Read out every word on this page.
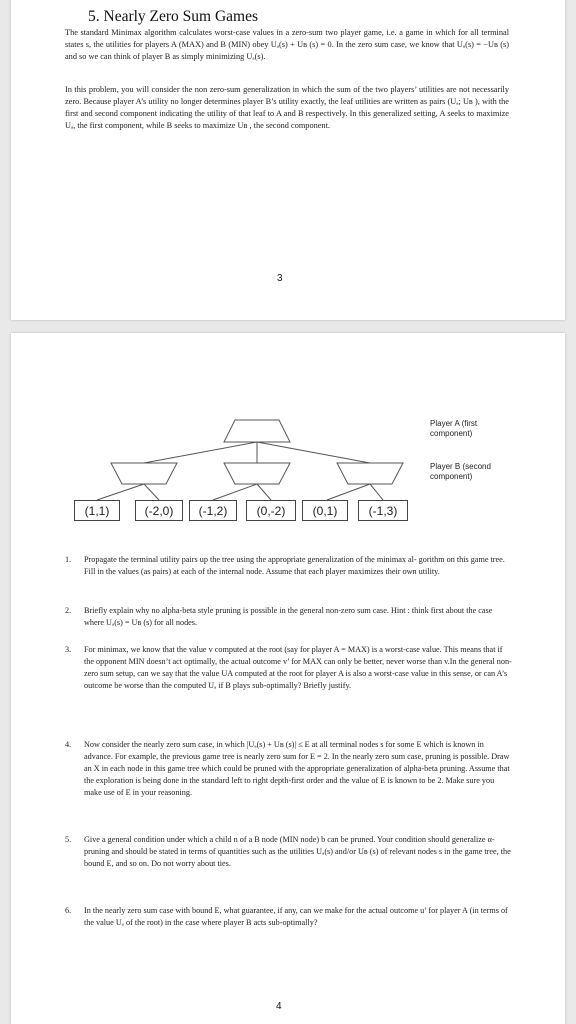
5. Nearly Zero Sum Games

The standard Minimax algorithm calculates worst-case values in a zero-sum two player game, i.e. a game in which for all terminal states s, the utilities for players A (MAX) and B (MIN) obey Uₐ(s) + Uʙ (s) = 0. In the zero sum case, we know that Uₐ(s) = −Uʙ (s) and so we can think of player B as simply minimizing Uₐ(s).

In this problem, you will consider the non zero-sum generalization in which the sum of the two players’ utilities are not necessarily zero. Because player A’s utility no longer determines player B’s utility exactly, the leaf utilities are written as pairs (Uₐ; Uʙ ), with the first and second component indicating the utility of that leaf to A and B respectively. In this generalized setting, A seeks to maximize Uₐ, the first component, while B seeks to maximize Uʙ , the second component.

3
(1,1)	(-2,0)	(-1,2)	(0,-2)	(0,1)	(-1,3)
Player A (first component)
Player B (second component)
1. Propagate the terminal utility pairs up the tree using the appropriate generalization of the minimax al- gorithm on this game tree. Fill in the values (as pairs) at each of the internal node. Assume that each player maximizes their own utility.
2. Briefly explain why no alpha-beta style pruning is possible in the general non-zero sum case. Hint : think first about the case where Uₐ(s) = Uʙ (s) for all nodes.
3. For minimax, we know that the value v computed at the root (say for player A = MAX) is a worst-case value. This means that if the opponent MIN doesn’t act optimally, the actual outcome v’ for MAX can only be better, never worse than v.In the general non-zero sum setup, can we say that the value UA computed at the root for player A is also a worst-case value in this sense, or can A’s outcome be worse than the computed Uₐ if B plays sub-optimally? Briefly justify.
4. Now consider the nearly zero sum case, in which |Uₐ(s) + Uʙ (s)| ≤ E at all terminal nodes s for some E which is known in advance. For example, the previous game tree is nearly zero sum for E = 2. In the nearly zero sum case, pruning is possible. Draw an X in each node in this game tree which could be pruned with the appropriate generalization of alpha-beta pruning. Assume that the exploration is being done in the standard left to right depth-first order and the value of E is known to be 2. Make sure you make use of E in your reasoning.
5. Give a general condition under which a child n of a B node (MIN node) b can be pruned. Your condition should generalize α-pruning and should be stated in terms of quantities such as the utilities Uₐ(s) and/or Uʙ (s) of relevant nodes s in the game tree, the bound E, and so on. Do not worry about ties.
6. In the nearly zero sum case with bound E, what guarantee, if any, can we make for the actual outcome u’ for player A (in terms of the value Uₐ of the root) in the case where player B acts sub-optimally?
4
